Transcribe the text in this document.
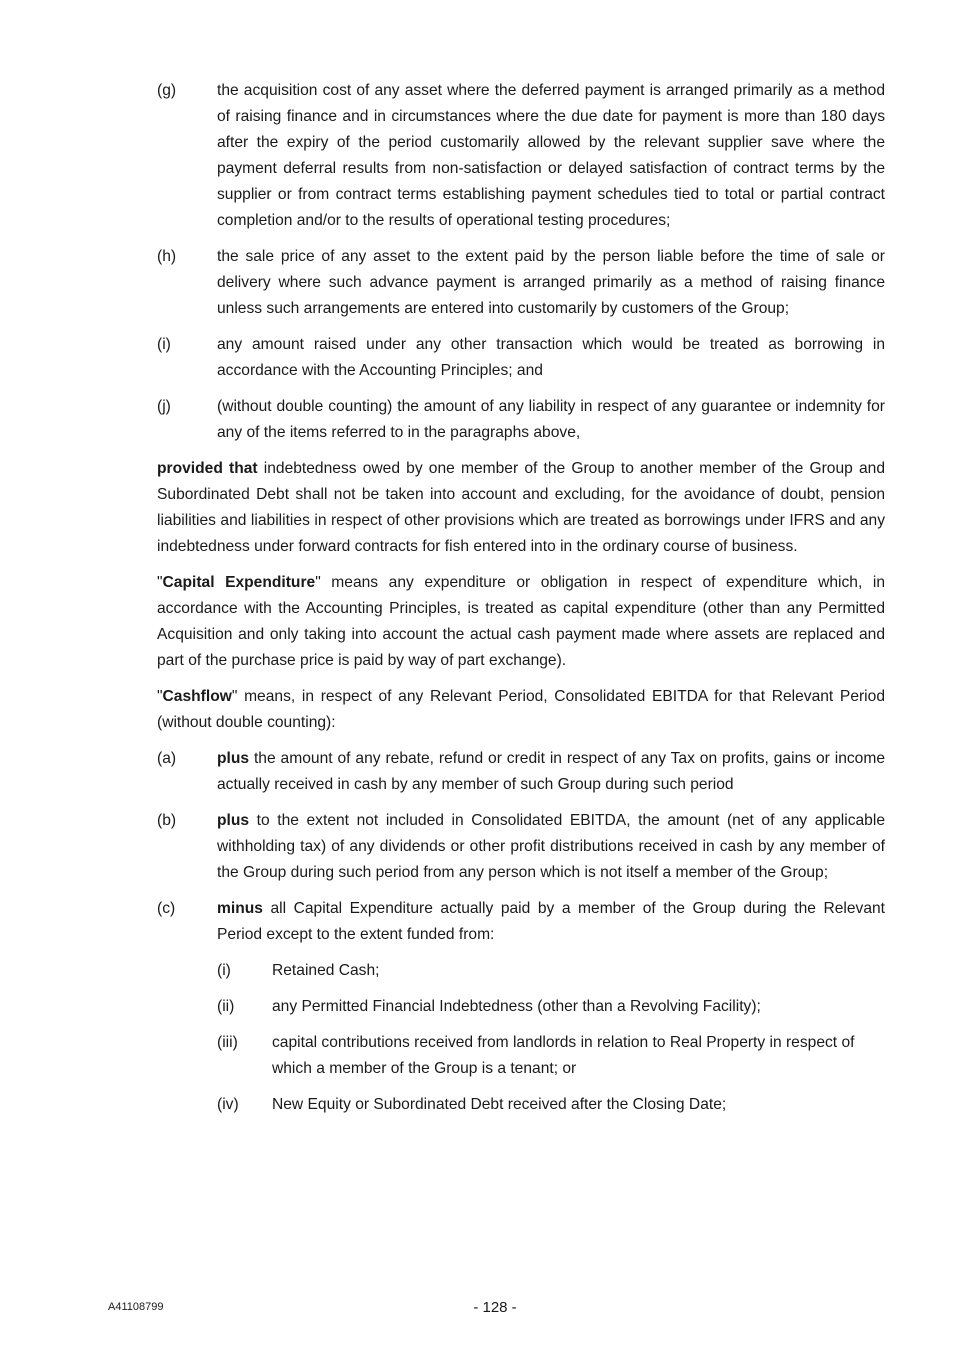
(g)	the acquisition cost of any asset where the deferred payment is arranged primarily as a method of raising finance and in circumstances where the due date for payment is more than 180 days after the expiry of the period customarily allowed by the relevant supplier save where the payment deferral results from non-satisfaction or delayed satisfaction of contract terms by the supplier or from contract terms establishing payment schedules tied to total or partial contract completion and/or to the results of operational testing procedures;
(h)	the sale price of any asset to the extent paid by the person liable before the time of sale or delivery where such advance payment is arranged primarily as a method of raising finance unless such arrangements are entered into customarily by customers of the Group;
(i)	any amount raised under any other transaction which would be treated as borrowing in accordance with the Accounting Principles; and
(j)	(without double counting) the amount of any liability in respect of any guarantee or indemnity for any of the items referred to in the paragraphs above,

provided that indebtedness owed by one member of the Group to another member of the Group and Subordinated Debt shall not be taken into account and excluding, for the avoidance of doubt, pension liabilities and liabilities in respect of other provisions which are treated as borrowings under IFRS and any indebtedness under forward contracts for fish entered into in the ordinary course of business.

"Capital Expenditure" means any expenditure or obligation in respect of expenditure which, in accordance with the Accounting Principles, is treated as capital expenditure (other than any Permitted Acquisition and only taking into account the actual cash payment made where assets are replaced and part of the purchase price is paid by way of part exchange).

"Cashflow" means, in respect of any Relevant Period, Consolidated EBITDA for that Relevant Period (without double counting):

(a)	plus the amount of any rebate, refund or credit in respect of any Tax on profits, gains or income actually received in cash by any member of such Group during such period
(b)	plus to the extent not included in Consolidated EBITDA, the amount (net of any applicable withholding tax) of any dividends or other profit distributions received in cash by any member of the Group during such period from any person which is not itself a member of the Group;
(c)	minus all Capital Expenditure actually paid by a member of the Group during the Relevant Period except to the extent funded from:
(i)	Retained Cash;
(ii)	any Permitted Financial Indebtedness (other than a Revolving Facility);
(iii)	capital contributions received from landlords in relation to Real Property in respect of which a member of the Group is a tenant; or
(iv)	New Equity or Subordinated Debt received after the Closing Date;
A41108799	- 128 -
